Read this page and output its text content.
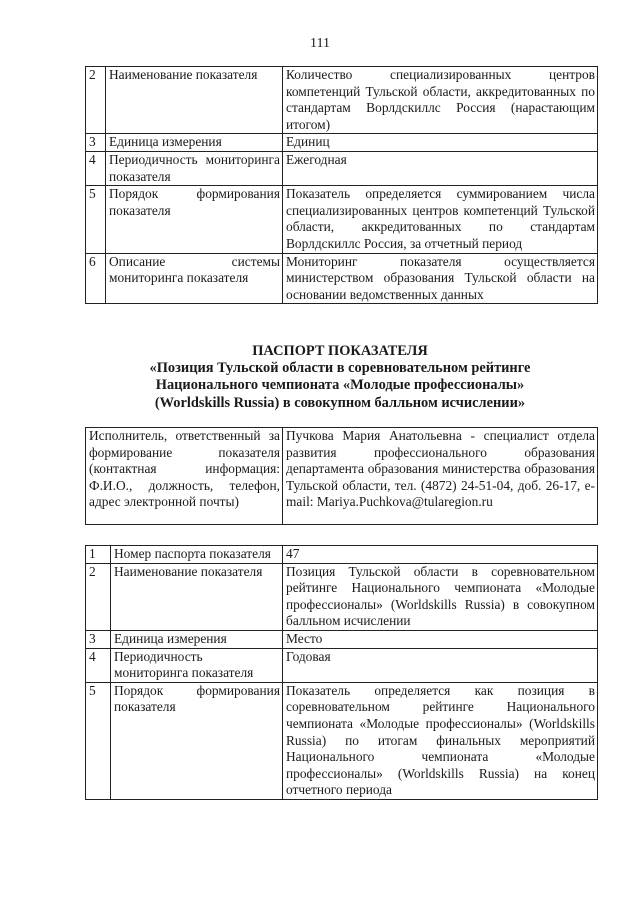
111
2	Наименование показателя	Количество специализированных центров компетенций Тульской области, аккредитованных по стандартам Ворлдскиллс Россия (нарастающим итогом)
3	Единица измерения	Единиц
4	Периодичность мониторинга показателя	Ежегодная
5	Порядок формирования показателя	Показатель определяется суммированием числа специализированных центров компетенций Тульской области, аккредитованных по стандартам Ворлдскиллс Россия, за отчетный период
6	Описание системы мониторинга показателя	Мониторинг показателя осуществляется министерством образования Тульской области на основании ведомственных данных
ПАСПОРТ ПОКАЗАТЕЛЯ
«Позиция Тульской области в соревновательном рейтинге
Национального чемпионата «Молодые профессионалы»
(Worldskills Russia) в совокупном балльном исчислении»
Исполнитель, ответственный за формирование показателя (контактная информация: Ф.И.О., должность, телефон, адрес электронной почты)	Пучкова Мария Анатольевна - специалист отдела развития профессионального образования департамента образования министерства образования Тульской области, тел. (4872) 24-51-04, доб. 26-17, e-mail: Mariya.Puchkova@tularegion.ru
1	Номер паспорта показателя	47
2	Наименование показателя	Позиция Тульской области в соревновательном рейтинге Национального чемпионата «Молодые профессионалы» (Worldskills Russia) в совокупном балльном исчислении
3	Единица измерения	Место
4	Периодичность мониторинга показателя	Годовая
5	Порядок формирования показателя	Показатель определяется как позиция в соревновательном рейтинге Национального чемпионата «Молодые профессионалы» (Worldskills Russia) по итогам финальных мероприятий Национального чемпионата «Молодые профессионалы» (Worldskills Russia) на конец отчетного периода
